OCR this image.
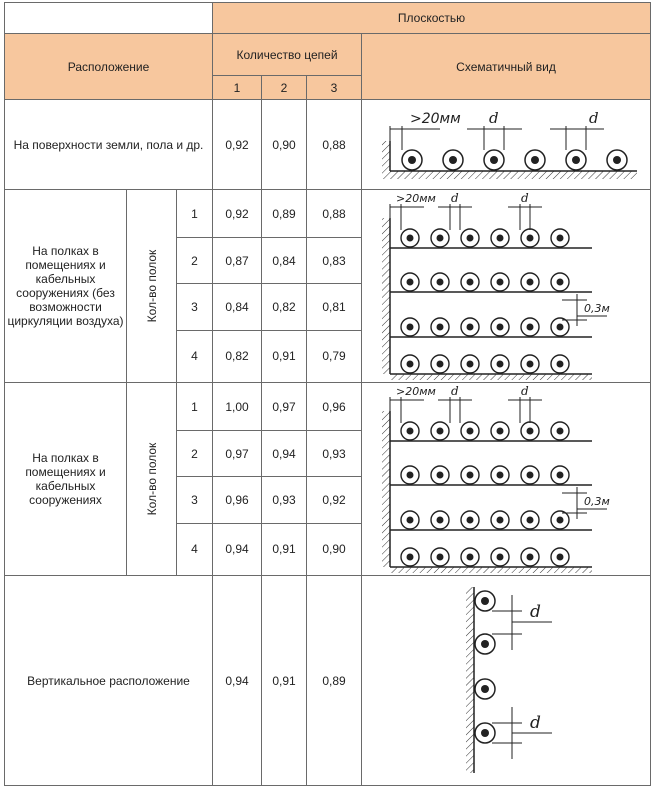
			Плоскостью			
Расположение			Количество цепей			Схематичный вид
			1	2	3	
На поверхности земли, пола и др.			0,92	0,90	0,88	>20мм d d

На полках в помещениях и кабельных сооружениях (без возможности циркуляции воздуха)	Кол-во полок	1	0,92	0,89	0,88	>20мм d d
0,3м

		2	0,87	0,84	0,83	
		3	0,84	0,82	0,81	
		4	0,82	0,91	0,79	
На полках в помещениях и кабельных сооружениях	Кол-во полок	1	1,00	0,97	0,96	>20мм d d
0,3м

		2	0,97	0,94	0,93	
		3	0,96	0,93	0,92	
		4	0,94	0,91	0,90	
Вертикальное расположение			0,94	0,91	0,89	d
d
